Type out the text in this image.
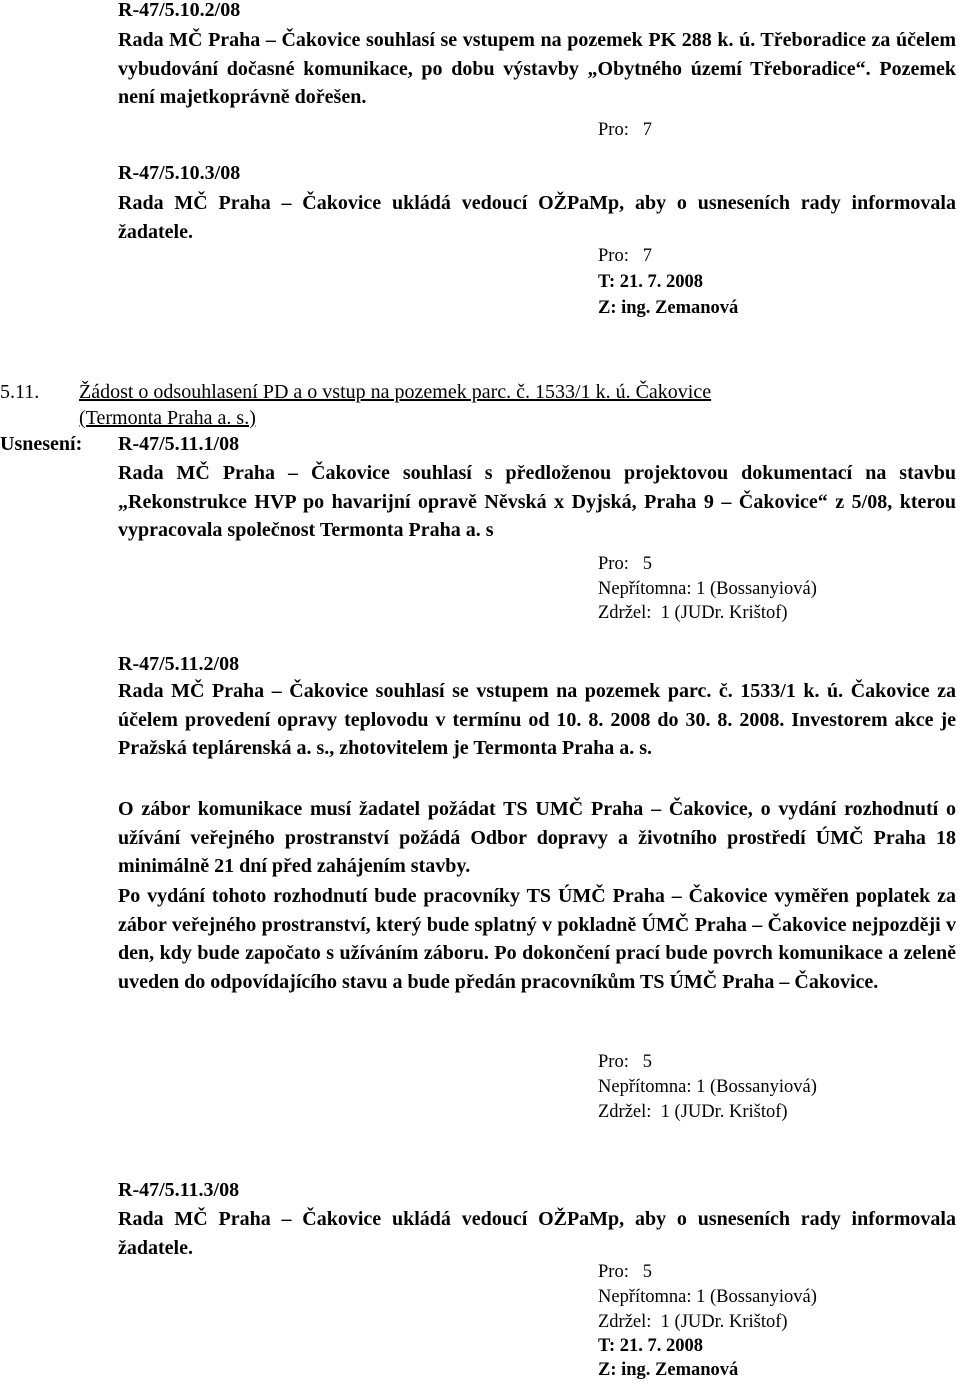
R-47/5.10.2/08
Rada MČ Praha – Čakovice souhlasí se vstupem na pozemek PK 288 k. ú. Třeboradice za účelem vybudování dočasné komunikace, po dobu výstavby „Obytného území Třeboradice“. Pozemek není majetkoprávně dořešen.
Pro:   7
R-47/5.10.3/08
Rada MČ Praha – Čakovice ukládá vedoucí OŽPaMp, aby o usneseních rady informovala žadatele.
Pro:   7
T: 21. 7. 2008
Z: ing. Zemanová
5.11. Žádost o odsouhlasení PD a o vstup na pozemek parc. č. 1533/1 k. ú. Čakovice
(Termonta Praha a. s.)
Usnesení: R-47/5.11.1/08
Rada MČ Praha – Čakovice souhlasí s předloženou projektovou dokumentací na stavbu „Rekonstrukce HVP po havarijní opravě Něvská x Dyjská, Praha 9 – Čakovice“ z 5/08, kterou vypracovala společnost Termonta Praha a. s
Pro:   5
Nepřítomna: 1 (Bossanyiová)
Zdržel:  1 (JUDr. Krištof)
R-47/5.11.2/08
Rada MČ Praha – Čakovice souhlasí se vstupem na pozemek parc. č. 1533/1 k. ú. Čakovice za účelem provedení opravy teplovodu v termínu od 10. 8. 2008 do 30. 8. 2008. Investorem akce je Pražská teplárenská a. s., zhotovitelem je Termonta Praha a. s.
O zábor komunikace musí žadatel požádat TS UMČ Praha – Čakovice, o vydání rozhodnutí o užívání veřejného prostranství požádá Odbor dopravy a životního prostředí ÚMČ Praha 18 minimálně 21 dní před zahájením stavby.
Po vydání tohoto rozhodnutí bude pracovníky TS ÚMČ Praha – Čakovice vyměřen poplatek za zábor veřejného prostranství, který bude splatný v pokladně ÚMČ Praha – Čakovice nejpozději v den, kdy bude započato s užíváním záboru. Po dokončení prací bude povrch komunikace a zeleně uveden do odpovídajícího stavu a bude předán pracovníkům TS ÚMČ Praha – Čakovice.
Pro:   5
Nepřítomna: 1 (Bossanyiová)
Zdržel:  1 (JUDr. Krištof)
R-47/5.11.3/08
Rada MČ Praha – Čakovice ukládá vedoucí OŽPaMp, aby o usneseních rady informovala žadatele.
Pro:   5
Nepřítomna: 1 (Bossanyiová)
Zdržel:  1 (JUDr. Krištof)
T: 21. 7. 2008
Z: ing. Zemanová
